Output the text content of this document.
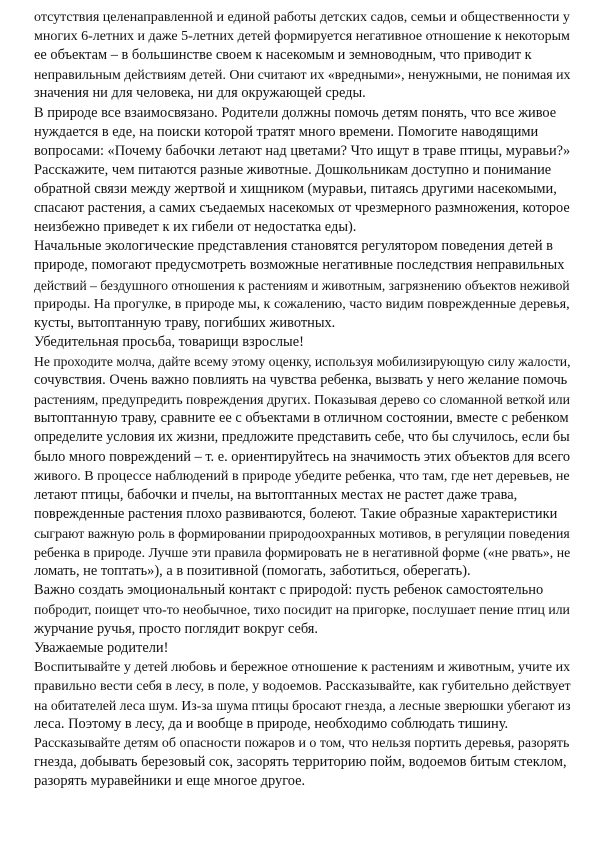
отсутствия целенаправленной и единой работы детских садов, семьи и общественности у
многих 6-летних и даже 5-летних детей формируется негативное отношение к некоторым
ее объектам – в большинстве своем к насекомым и земноводным, что приводит к
неправильным действиям детей. Они считают их «вредными», ненужными, не понимая их
значения ни для человека, ни для окружающей среды.
В природе все взаимосвязано. Родители должны помочь детям понять, что все живое
нуждается в еде, на поиски которой тратят много времени. Помогите наводящими
вопросами: «Почему бабочки летают над цветами? Что ищут в траве птицы, муравьи?»
Расскажите, чем питаются разные животные. Дошкольникам доступно и понимание
обратной связи между жертвой и хищником (муравьи, питаясь другими насекомыми,
спасают растения, а самих съедаемых насекомых от чрезмерного размножения, которое
неизбежно приведет к их гибели от недостатка еды).
Начальные экологические представления становятся регулятором поведения детей в
природе, помогают предусмотреть возможные негативные последствия неправильных
действий – бездушного отношения к растениям и животным, загрязнению объектов неживой
природы. На прогулке, в природе мы, к сожалению, часто видим поврежденные деревья,
кусты, вытоптанную траву, погибших животных.
Убедительная просьба, товарищи взрослые!
Не проходите молча, дайте всему этому оценку, используя мобилизирующую силу жалости,
сочувствия. Очень важно повлиять на чувства ребенка, вызвать у него желание помочь
растениям, предупредить повреждения других. Показывая дерево со сломанной веткой или
вытоптанную траву, сравните ее с объектами в отличном состоянии, вместе с ребенком
определите условия их жизни, предложите представить себе, что бы случилось, если бы
было много повреждений – т. е. ориентируйтесь на значимость этих объектов для всего
живого. В процессе наблюдений в природе убедите ребенка, что там, где нет деревьев, не
летают птицы, бабочки и пчелы, на вытоптанных местах не растет даже трава,
поврежденные растения плохо развиваются, болеют. Такие образные характеристики
сыграют важную роль в формировании природоохранных мотивов, в регуляции поведения
ребенка в природе. Лучше эти правила формировать не в негативной форме («не рвать», не
ломать, не топтать»), а в позитивной (помогать, заботиться, оберегать).
Важно создать эмоциональный контакт с природой: пусть ребенок самостоятельно
побродит, поищет что-то необычное, тихо посидит на пригорке, послушает пение птиц или
журчание ручья, просто поглядит вокруг себя.
Уважаемые родители!
Воспитывайте у детей любовь и бережное отношение к растениям и животным, учите их
правильно вести себя в лесу, в поле, у водоемов. Рассказывайте, как губительно действует
на обитателей леса шум. Из-за шума птицы бросают гнезда, а лесные зверюшки убегают из
леса. Поэтому в лесу, да и вообще в природе, необходимо соблюдать тишину.
Рассказывайте детям об опасности пожаров и о том, что нельзя портить деревья, разорять
гнезда, добывать березовый сок, засорять территорию пойм, водоемов битым стеклом,
разорять муравейники и еще многое другое.
